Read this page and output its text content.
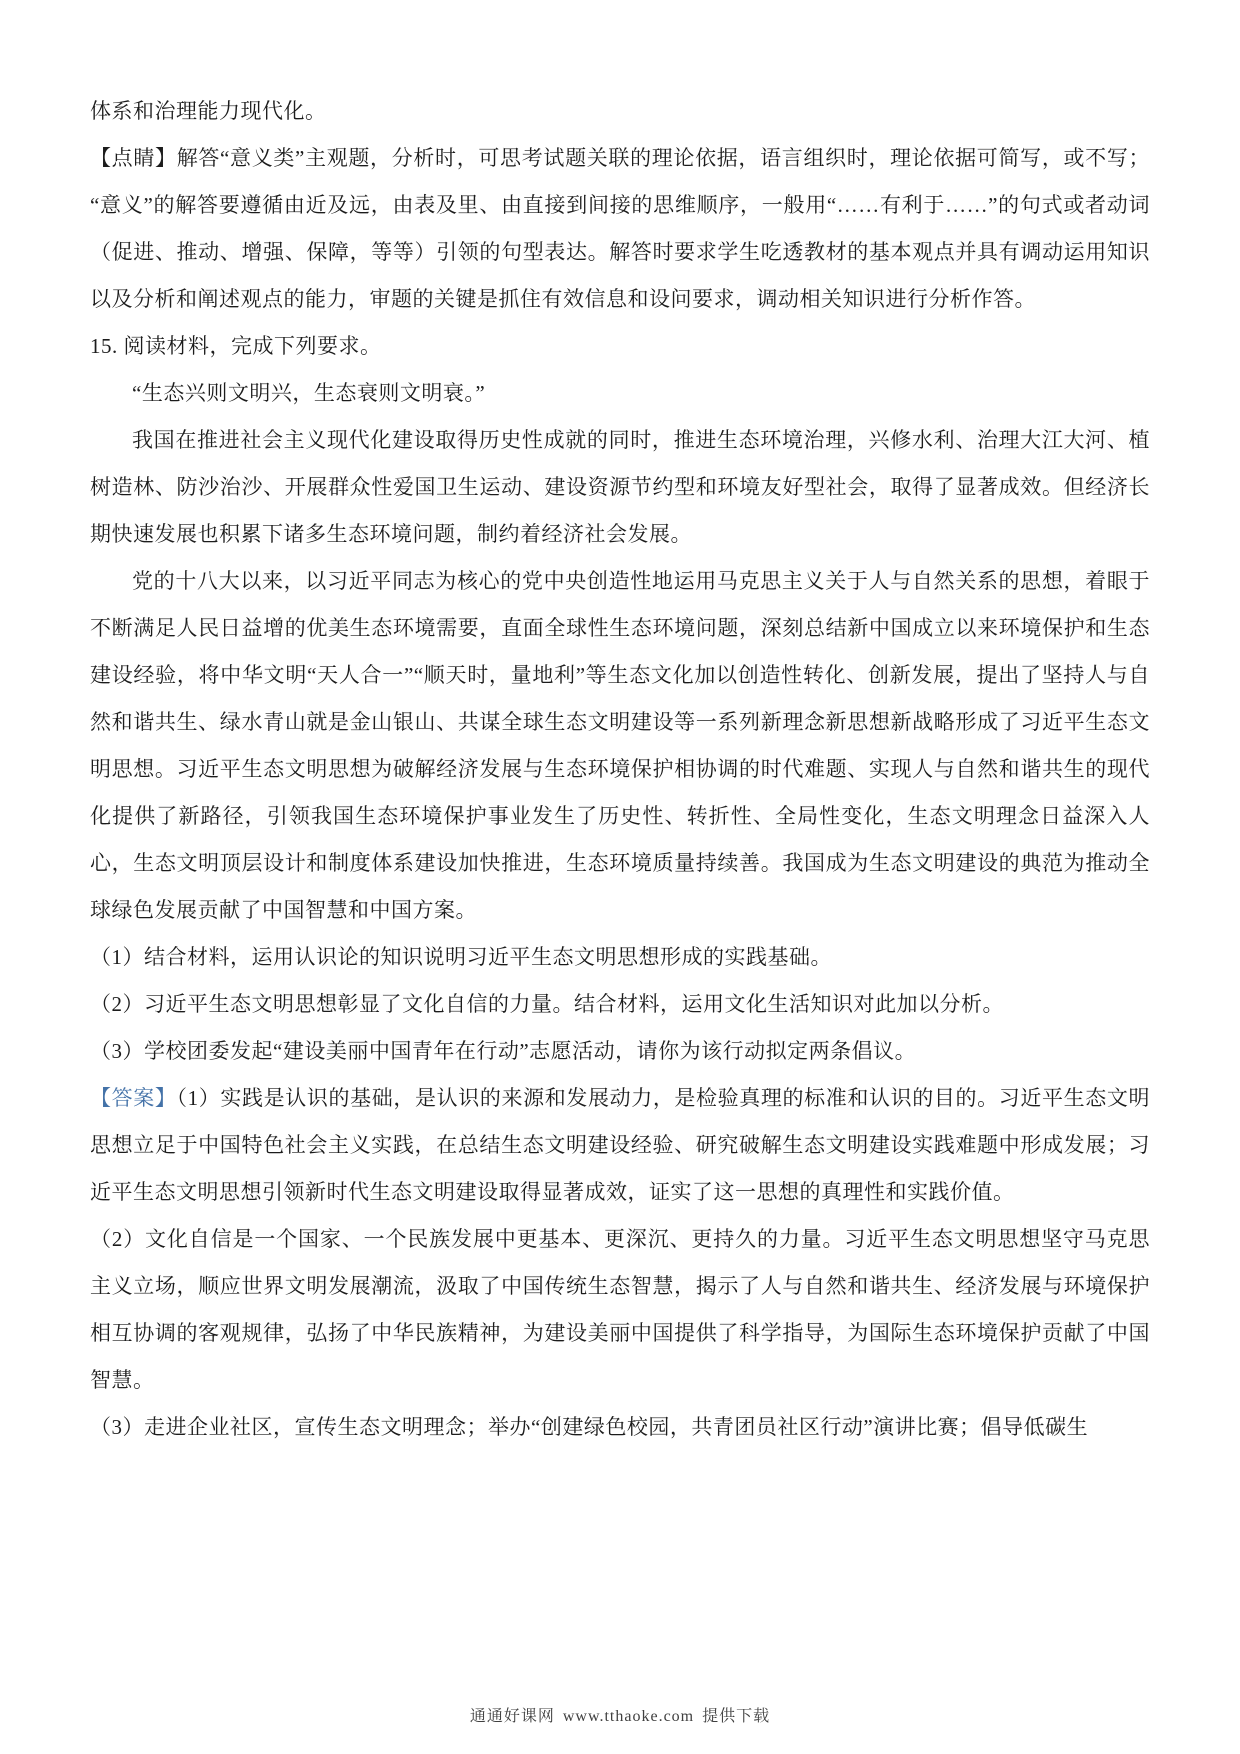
体系和治理能力现代化。

【点睛】解答“意义类”主观题，分析时，可思考试题关联的理论依据，语言组织时，理论依据可简写，或不写；“意义”的解答要遵循由近及远，由表及里、由直接到间接的思维顺序，一般用“……有利于……”的句式或者动词（促进、推动、增强、保障，等等）引领的句型表达。解答时要求学生吃透教材的基本观点并具有调动运用知识以及分析和阐述观点的能力，审题的关键是抓住有效信息和设问要求，调动相关知识进行分析作答。

15. 阅读材料，完成下列要求。

“生态兴则文明兴，生态衰则文明衰。”

我国在推进社会主义现代化建设取得历史性成就的同时，推进生态环境治理，兴修水利、治理大江大河、植树造林、防沙治沙、开展群众性爱国卫生运动、建设资源节约型和环境友好型社会，取得了显著成效。但经济长期快速发展也积累下诸多生态环境问题，制约着经济社会发展。

党的十八大以来，以习近平同志为核心的党中央创造性地运用马克思主义关于人与自然关系的思想，着眼于不断满足人民日益增的优美生态环境需要，直面全球性生态环境问题，深刻总结新中国成立以来环境保护和生态建设经验，将中华文明“天人合一”“顺天时，量地利”等生态文化加以创造性转化、创新发展，提出了坚持人与自然和谐共生、绿水青山就是金山银山、共谋全球生态文明建设等一系列新理念新思想新战略形成了习近平生态文明思想。习近平生态文明思想为破解经济发展与生态环境保护相协调的时代难题、实现人与自然和谐共生的现代化提供了新路径，引领我国生态环境保护事业发生了历史性、转折性、全局性变化，生态文明理念日益深入人心，生态文明顶层设计和制度体系建设加快推进，生态环境质量持续善。我国成为生态文明建设的典范为推动全球绿色发展贡献了中国智慧和中国方案。

（1）结合材料，运用认识论的知识说明习近平生态文明思想形成的实践基础。

（2）习近平生态文明思想彰显了文化自信的力量。结合材料，运用文化生活知识对此加以分析。

（3）学校团委发起“建设美丽中国青年在行动”志愿活动，请你为该行动拟定两条倡议。

【答案】（1）实践是认识的基础，是认识的来源和发展动力，是检验真理的标准和认识的目的。习近平生态文明思想立足于中国特色社会主义实践，在总结生态文明建设经验、研究破解生态文明建设实践难题中形成发展；习近平生态文明思想引领新时代生态文明建设取得显著成效，证实了这一思想的真理性和实践价值。

（2）文化自信是一个国家、一个民族发展中更基本、更深沉、更持久的力量。习近平生态文明思想坚守马克思主义立场，顺应世界文明发展潮流，汲取了中国传统生态智慧，揭示了人与自然和谐共生、经济发展与环境保护相互协调的客观规律，弘扬了中华民族精神，为建设美丽中国提供了科学指导，为国际生态环境保护贡献了中国智慧。

（3）走进企业社区，宣传生态文明理念；举办“创建绿色校园，共青团员社区行动”演讲比赛；倡导低碳生

通通好课网 www.tthaoke.com 提供下载
